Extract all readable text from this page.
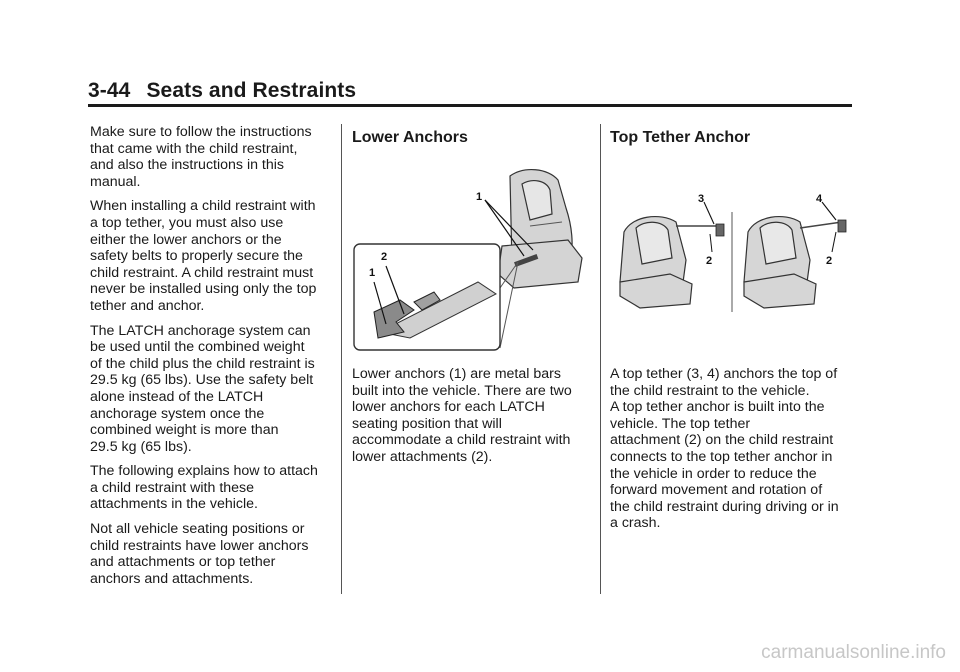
3-44 Seats and Restraints

Make sure to follow the instructions
that came with the child restraint,
and also the instructions in this
manual.

When installing a child restraint with
a top tether, you must also use
either the lower anchors or the
safety belts to properly secure the
child restraint. A child restraint must
never be installed using only the top
tether and anchor.

The LATCH anchorage system can
be used until the combined weight
of the child plus the child restraint is
29.5 kg (65 lbs). Use the safety belt
alone instead of the LATCH
anchorage system once the
combined weight is more than
29.5 kg (65 lbs).

The following explains how to attach
a child restraint with these
attachments in the vehicle.

Not all vehicle seating positions or
child restraints have lower anchors
and attachments or top tether
anchors and attachments.

Lower Anchors
1
1
2
Lower anchors (1) are metal bars
built into the vehicle. There are two
lower anchors for each LATCH
seating position that will
accommodate a child restraint with
lower attachments (2).
Top Tether Anchor
3
2
4
2
A top tether (3, 4) anchors the top of
the child restraint to the vehicle.
A top tether anchor is built into the
vehicle. The top tether
attachment (2) on the child restraint
connects to the top tether anchor in
the vehicle in order to reduce the
forward movement and rotation of
the child restraint during driving or in
a crash.
carmanualsonline.info
